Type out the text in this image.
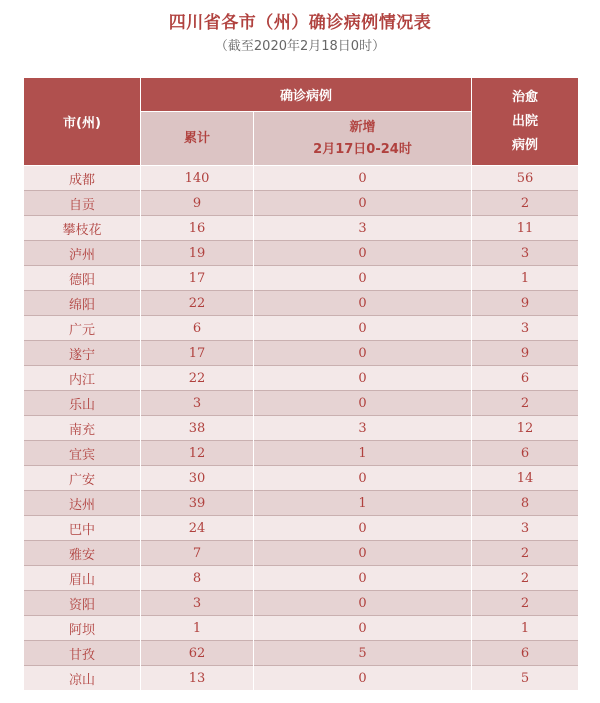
四川省各市（州）确诊病例情况表
（截至2020年2月18日0时）
市(州)	确诊病例		治愈
出院
病例

	累计	新增
2月17日0-24时	

成都	140	0	56
自贡	9	0	2
攀枝花	16	3	11
泸州	19	0	3
德阳	17	0	1
绵阳	22	0	9
广元	6	0	3
遂宁	17	0	9
内江	22	0	6
乐山	3	0	2
南充	38	3	12
宜宾	12	1	6
广安	30	0	14
达州	39	1	8
巴中	24	0	3
雅安	7	0	2
眉山	8	0	2
资阳	3	0	2
阿坝	1	0	1
甘孜	62	5	6
凉山	13	0	5
